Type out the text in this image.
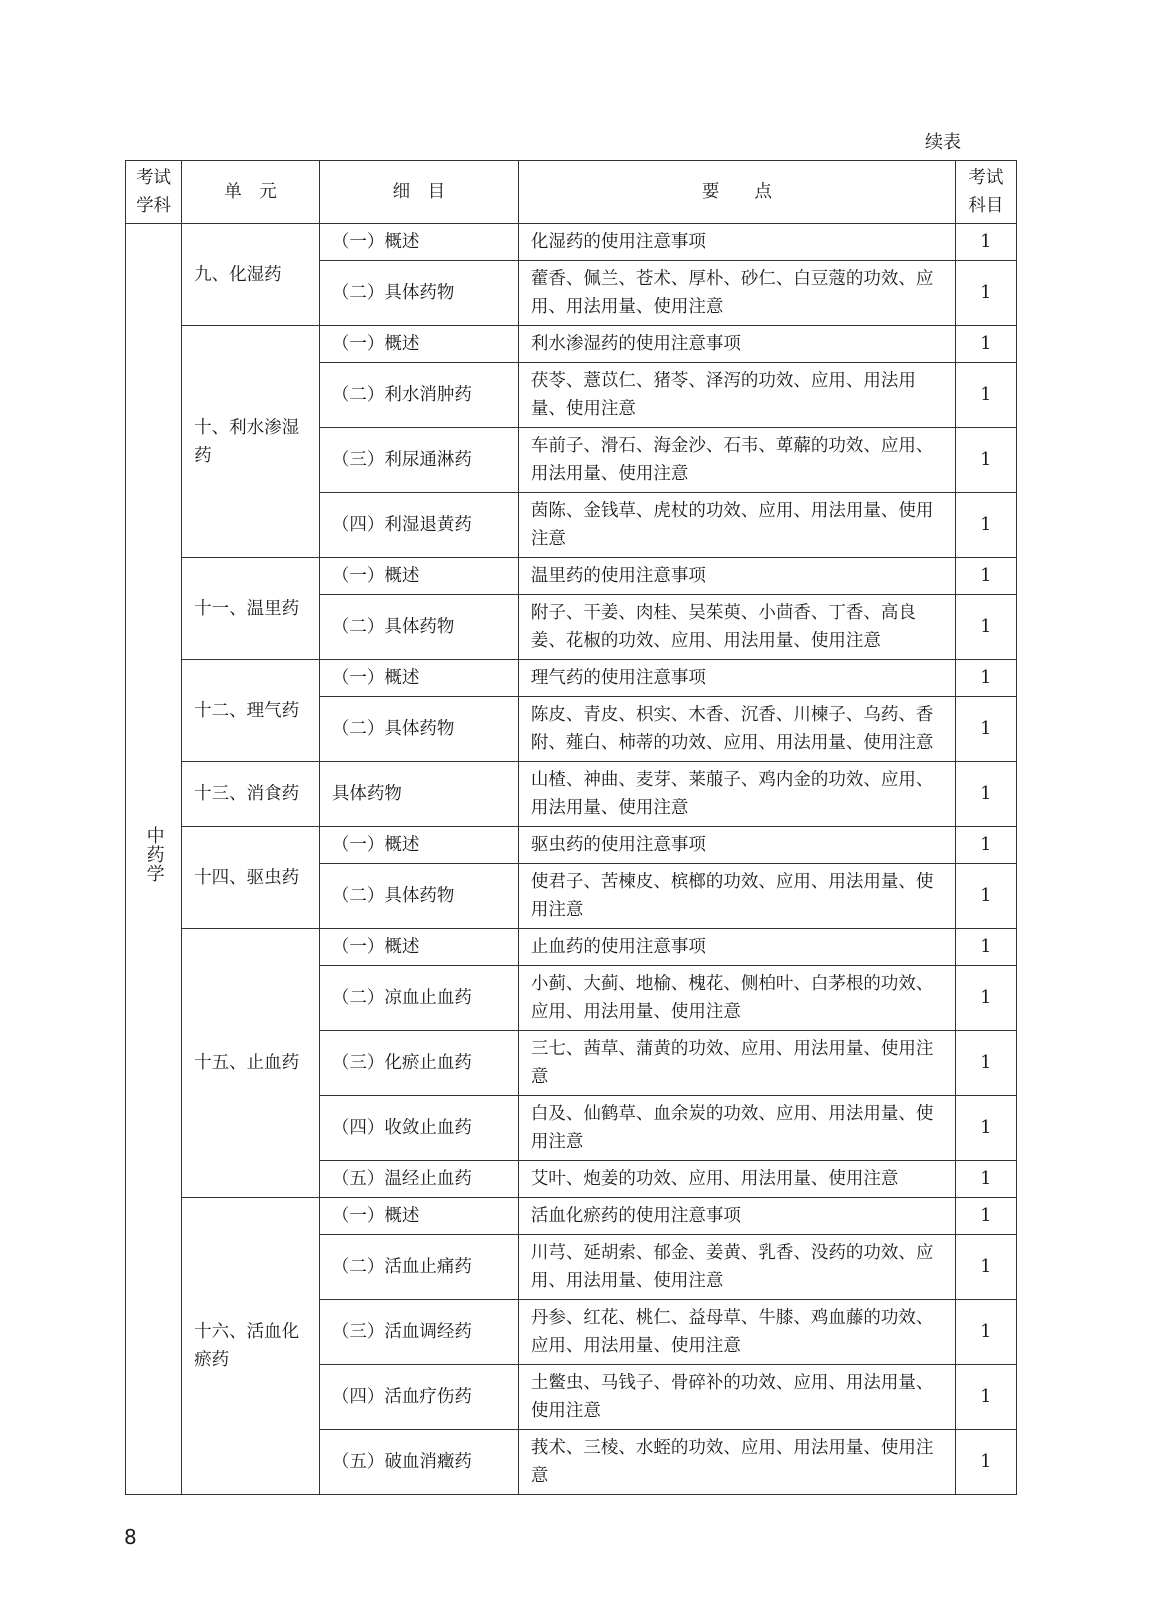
续表
考试学科	单　元	细　目	要　　点	考试科目
中药学	九、化湿药	（一）概述	化湿药的使用注意事项	1
		（二）具体药物	藿香、佩兰、苍术、厚朴、砂仁、白豆蔻的功效、应用、用法用量、使用注意	1
	十、利水渗湿药	（一）概述	利水渗湿药的使用注意事项	1
		（二）利水消肿药	茯苓、薏苡仁、猪苓、泽泻的功效、应用、用法用量、使用注意	1
		（三）利尿通淋药	车前子、滑石、海金沙、石韦、萆薢的功效、应用、用法用量、使用注意	1
		（四）利湿退黄药	茵陈、金钱草、虎杖的功效、应用、用法用量、使用注意	1
	十一、温里药	（一）概述	温里药的使用注意事项	1
		（二）具体药物	附子、干姜、肉桂、吴茱萸、小茴香、丁香、高良姜、花椒的功效、应用、用法用量、使用注意	1
	十二、理气药	（一）概述	理气药的使用注意事项	1
		（二）具体药物	陈皮、青皮、枳实、木香、沉香、川楝子、乌药、香附、薤白、柿蒂的功效、应用、用法用量、使用注意	1
	十三、消食药	具体药物	山楂、神曲、麦芽、莱菔子、鸡内金的功效、应用、用法用量、使用注意	1
	十四、驱虫药	（一）概述	驱虫药的使用注意事项	1
		（二）具体药物	使君子、苦楝皮、槟榔的功效、应用、用法用量、使用注意	1
	十五、止血药	（一）概述	止血药的使用注意事项	1
		（二）凉血止血药	小蓟、大蓟、地榆、槐花、侧柏叶、白茅根的功效、应用、用法用量、使用注意	1
		（三）化瘀止血药	三七、茜草、蒲黄的功效、应用、用法用量、使用注意	1
		（四）收敛止血药	白及、仙鹤草、血余炭的功效、应用、用法用量、使用注意	1
		（五）温经止血药	艾叶、炮姜的功效、应用、用法用量、使用注意	1
	十六、活血化瘀药	（一）概述	活血化瘀药的使用注意事项	1
		（二）活血止痛药	川芎、延胡索、郁金、姜黄、乳香、没药的功效、应用、用法用量、使用注意	1
		（三）活血调经药	丹参、红花、桃仁、益母草、牛膝、鸡血藤的功效、应用、用法用量、使用注意	1
		（四）活血疗伤药	土鳖虫、马钱子、骨碎补的功效、应用、用法用量、使用注意	1
		（五）破血消癥药	莪术、三棱、水蛭的功效、应用、用法用量、使用注意	1
8
